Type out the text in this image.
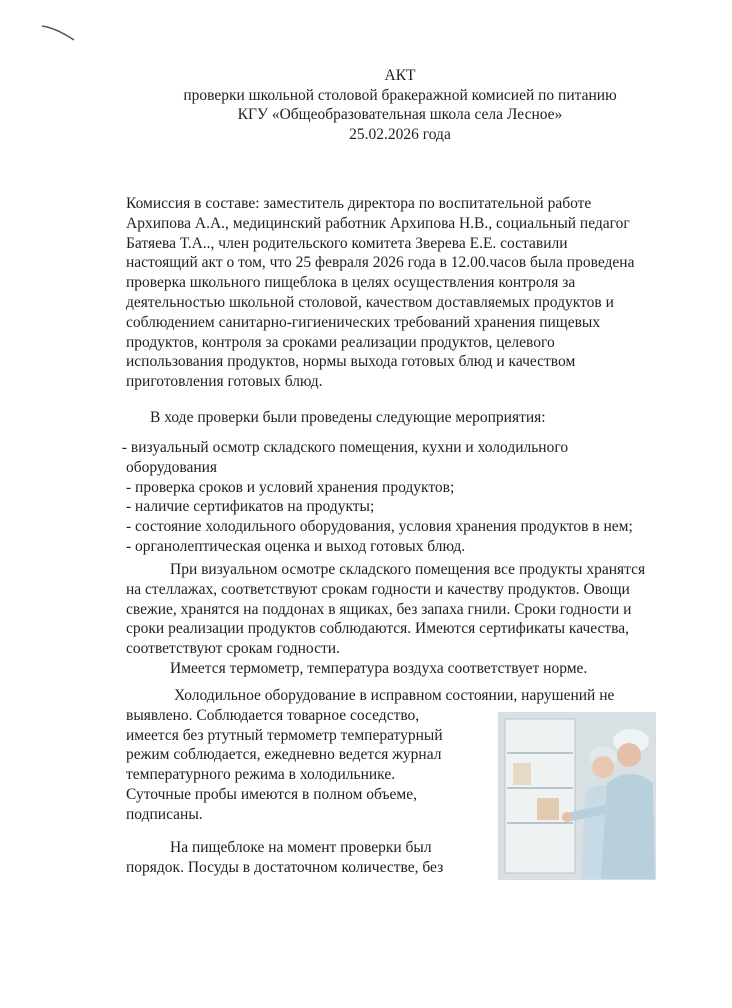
АКТ
проверки школьной столовой бракеражной комисиeй по питанию
КГУ «Общеобразовательная школа села Лесное»
25.02.2026 года
Комиссия в составе: заместитель директора по воспитательной работе
Архипова А.А., медицинский работник Архипова Н.В., социальный педагог
Батяева Т.А.., член родительского комитета Зверева Е.Е. составили
настоящий акт о том, что 25 февраля 2026 года в 12.00.часов была проведена
проверка школьного пищеблока в целях осуществления контроля за
деятельностью школьной столовой, качеством доставляемых продуктов и
соблюдением санитарно-гигиенических требований хранения пищевых
продуктов, контроля за сроками реализации продуктов, целевого
использования продуктов, нормы выхода готовых блюд и качеством
приготовления готовых блюд.
В ходе проверки были проведены следующие мероприятия:
- визуальный осмотр складского помещения, кухни и холодильного
оборудования
- проверка сроков и условий хранения продуктов;
- наличие сертификатов на продукты;
- состояние холодильного оборудования, условия хранения продуктов в нем;
- органолептическая оценка и выход готовых блюд.
При визуальном осмотре складского помещения все продукты хранятся
на стеллажах, соответствуют срокам годности и качеству продуктов. Овощи
свежие, хранятся на поддонах в ящиках, без запаха гнили. Сроки годности и
сроки реализации продуктов соблюдаются. Имеются сертификаты качества,
соответствуют срокам годности.
Имеется термометр, температура воздуха соответствует норме.
Холодильное оборудование в исправном состоянии, нарушений не
выявлено. Соблюдается товарное соседство,
имеется без ртутный термометр температурный
режим соблюдается, ежедневно ведется журнал
температурного режима в холодильнике.
Суточные пробы имеются в полном объеме,
подписаны.
На пищеблоке на момент проверки был
порядок. Посуды в достаточном количестве, без
